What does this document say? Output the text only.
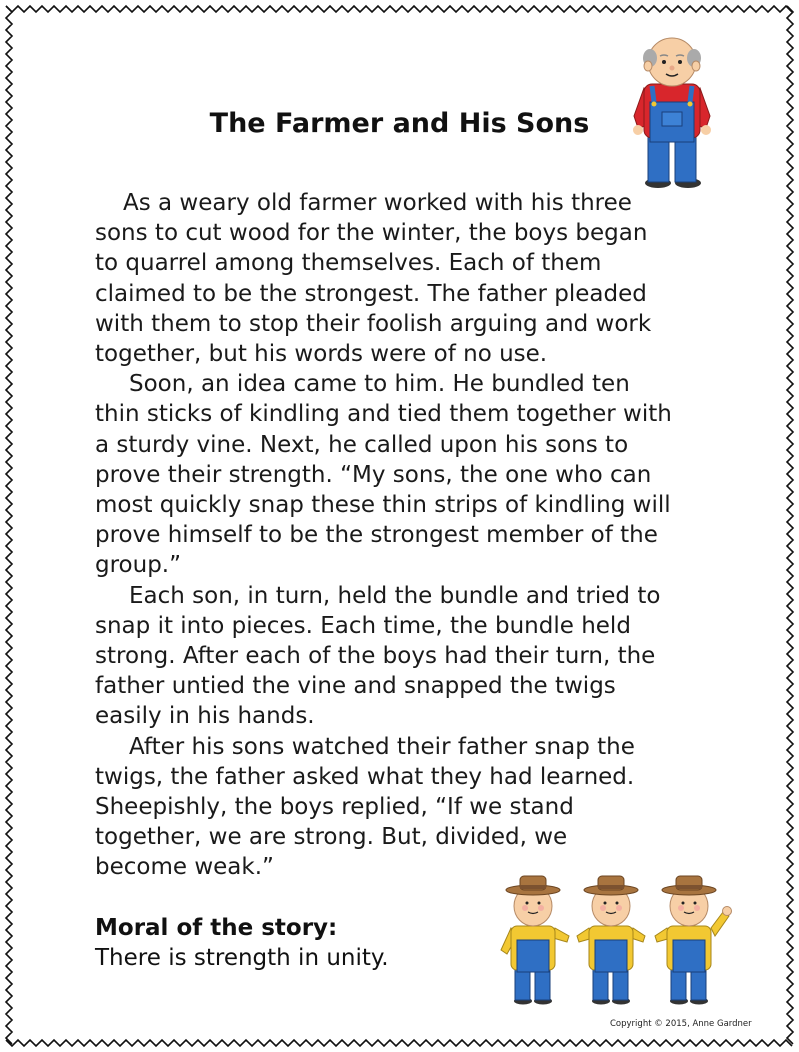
The Farmer and His Sons

As a weary old farmer worked with his three
sons to cut wood for the winter, the boys began
to quarrel among themselves. Each of them
claimed to be the strongest. The father pleaded
with them to stop their foolish arguing and work
together, but his words were of no use.

Soon, an idea came to him. He bundled ten
thin sticks of kindling and tied them together with
a sturdy vine. Next, he called upon his sons to
prove their strength. “My sons, the one who can
most quickly snap these thin strips of kindling will
prove himself to be the strongest member of the
group.”

Each son, in turn, held the bundle and tried to
snap it into pieces. Each time, the bundle held
strong. After each of the boys had their turn, the
father untied the vine and snapped the twigs
easily in his hands.

After his sons watched their father snap the
twigs, the father asked what they had learned.
Sheepishly, the boys replied, “If we stand
together, we are strong. But, divided, we
become weak.”

Moral of the story:
There is strength in unity.
Copyright © 2015, Anne Gardner
